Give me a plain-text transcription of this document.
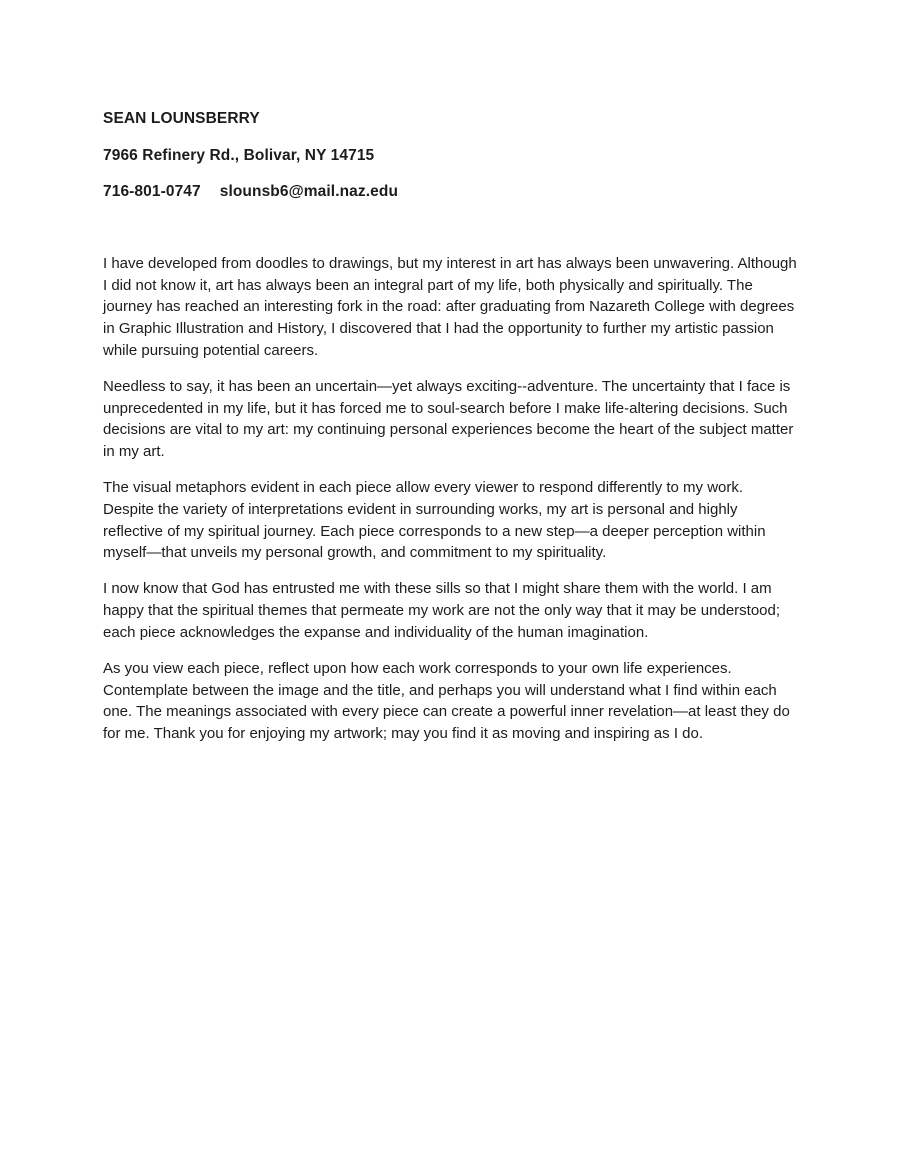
SEAN LOUNSBERRY

7966 Refinery Rd., Bolivar, NY 14715

716-801-0747 slounsb6@mail.naz.edu

I have developed from doodles to drawings, but my interest in art has always been unwavering. Although I did not know it, art has always been an integral part of my life, both physically and spiritually. The journey has reached an interesting fork in the road: after graduating from Nazareth College with degrees in Graphic Illustration and History, I discovered that I had the opportunity to further my artistic passion while pursuing potential careers.

Needless to say, it has been an uncertain—yet always exciting--adventure. The uncertainty that I face is unprecedented in my life, but it has forced me to soul-search before I make life-altering decisions. Such decisions are vital to my art: my continuing personal experiences become the heart of the subject matter in my art.

The visual metaphors evident in each piece allow every viewer to respond differently to my work. Despite the variety of interpretations evident in surrounding works, my art is personal and highly reflective of my spiritual journey. Each piece corresponds to a new step—a deeper perception within myself—that unveils my personal growth, and commitment to my spirituality.

I now know that God has entrusted me with these sills so that I might share them with the world. I am happy that the spiritual themes that permeate my work are not the only way that it may be understood; each piece acknowledges the expanse and individuality of the human imagination.

As you view each piece, reflect upon how each work corresponds to your own life experiences. Contemplate between the image and the title, and perhaps you will understand what I find within each one. The meanings associated with every piece can create a powerful inner revelation—at least they do for me. Thank you for enjoying my artwork; may you find it as moving and inspiring as I do.
